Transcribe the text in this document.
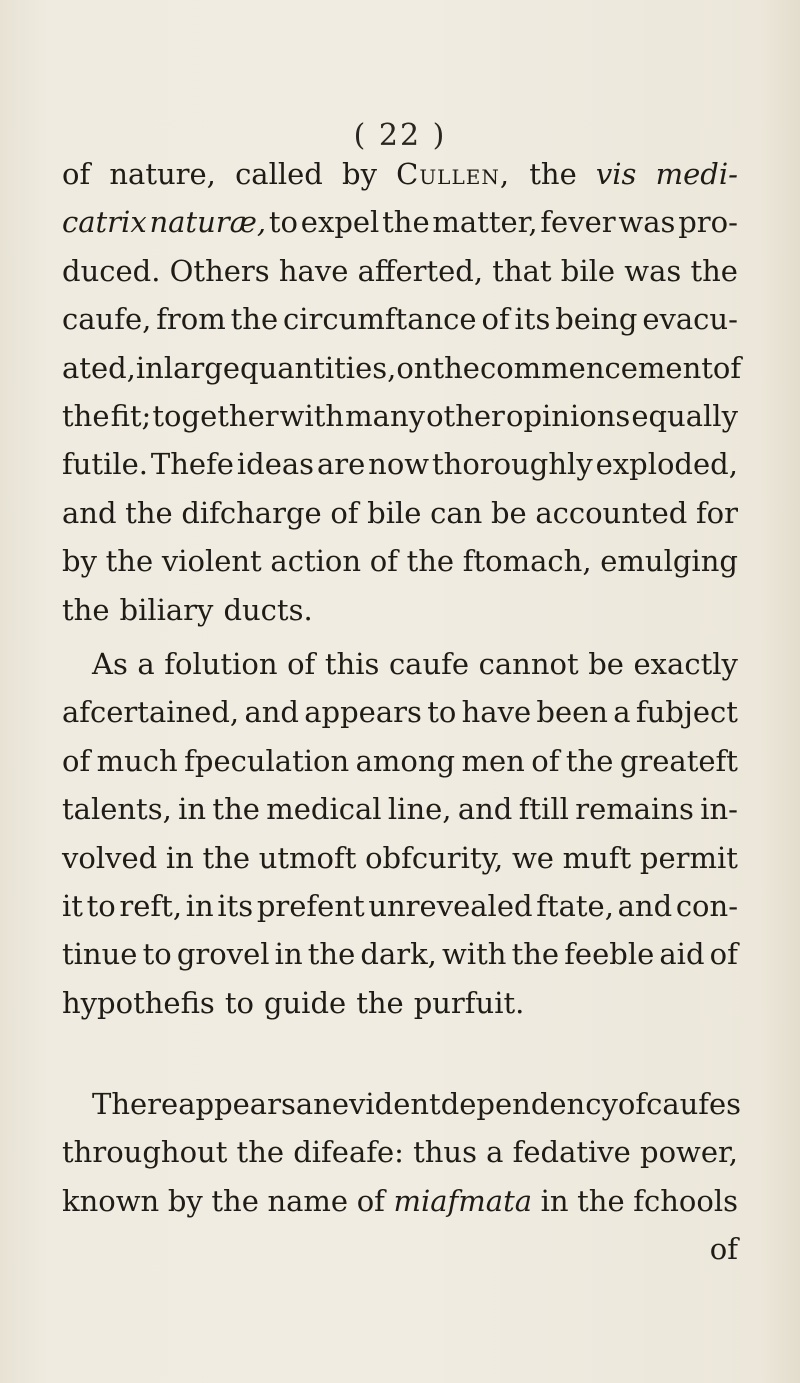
( 22 )
of nature, called by Cullen, the vis medi-
catrix naturæ, to expel the matter, fever was pro-
duced. Others have afferted, that bile was the
caufe, from the circumftance of its being evacu-
ated, in large quantities, on the commencement of
the fit; together with many other opinions equally
futile. Thefe ideas are now thoroughly exploded,
and the difcharge of bile can be accounted for
by the violent action of the ftomach, emulging
the biliary ducts.
As a folution of this caufe cannot be exactly
afcertained, and appears to have been a fubject
of much fpeculation among men of the greateft
talents, in the medical line, and ftill remains in-
volved in the utmoft obfcurity, we muft permit
it to reft, in its prefent unrevealed ftate, and con-
tinue to grovel in the dark, with the feeble aid of
hypothefis to guide the purfuit.
There appears an evident dependency of caufes
throughout the difeafe: thus a fedative power,
known by the name of miafmata in the fchools
of
